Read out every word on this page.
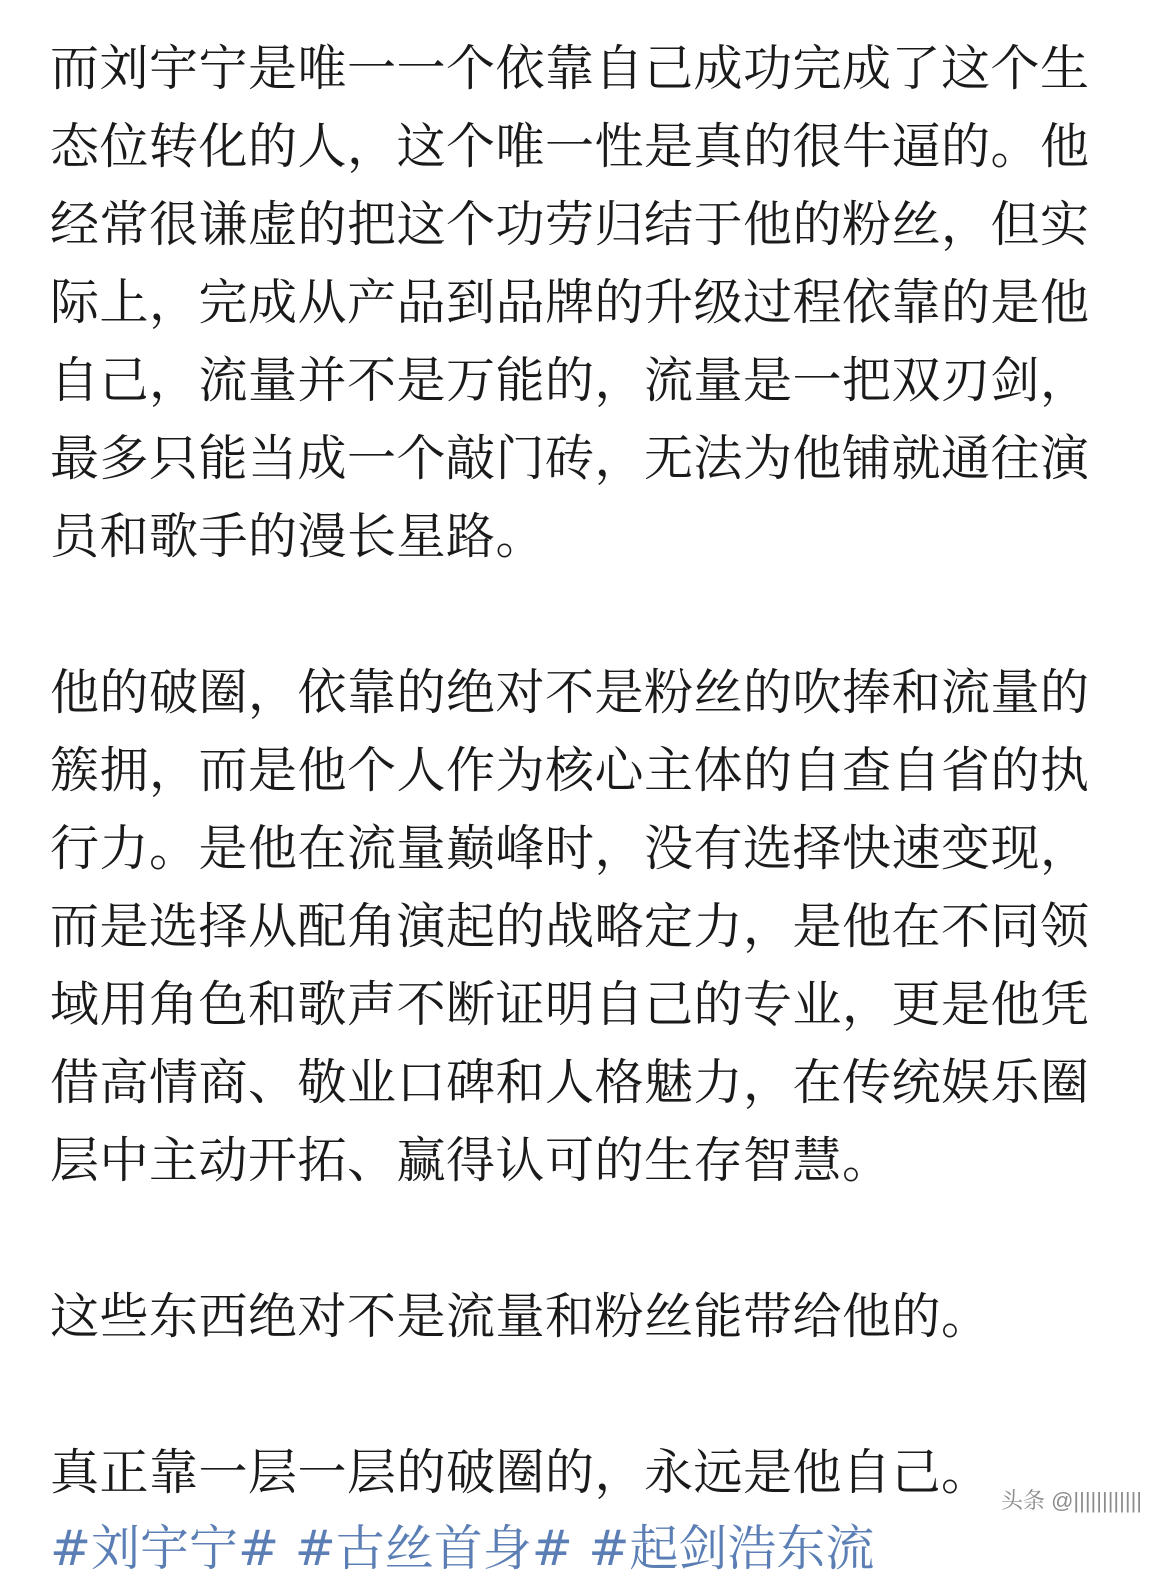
而刘宇宁是唯一一个依靠自己成功完成了这个生
态位转化的人，这个唯一性是真的很牛逼的。他
经常很谦虚的把这个功劳归结于他的粉丝，但实
际上，完成从产品到品牌的升级过程依靠的是他
自己，流量并不是万能的，流量是一把双刃剑，
最多只能当成一个敲门砖，无法为他铺就通往演
员和歌手的漫长星路。
他的破圈，依靠的绝对不是粉丝的吹捧和流量的
簇拥，而是他个人作为核心主体的自查自省的执
行力。是他在流量巅峰时，没有选择快速变现，
而是选择从配角演起的战略定力，是他在不同领
域用角色和歌声不断证明自己的专业，更是他凭
借高情商、敬业口碑和人格魅力，在传统娱乐圈
层中主动开拓、赢得认可的生存智慧。
这些东西绝对不是流量和粉丝能带给他的。
真正靠一层一层的破圈的，永远是他自己。
#刘宇宁# #古丝首身# #起剑浩东流
头条 @||||||||||||
